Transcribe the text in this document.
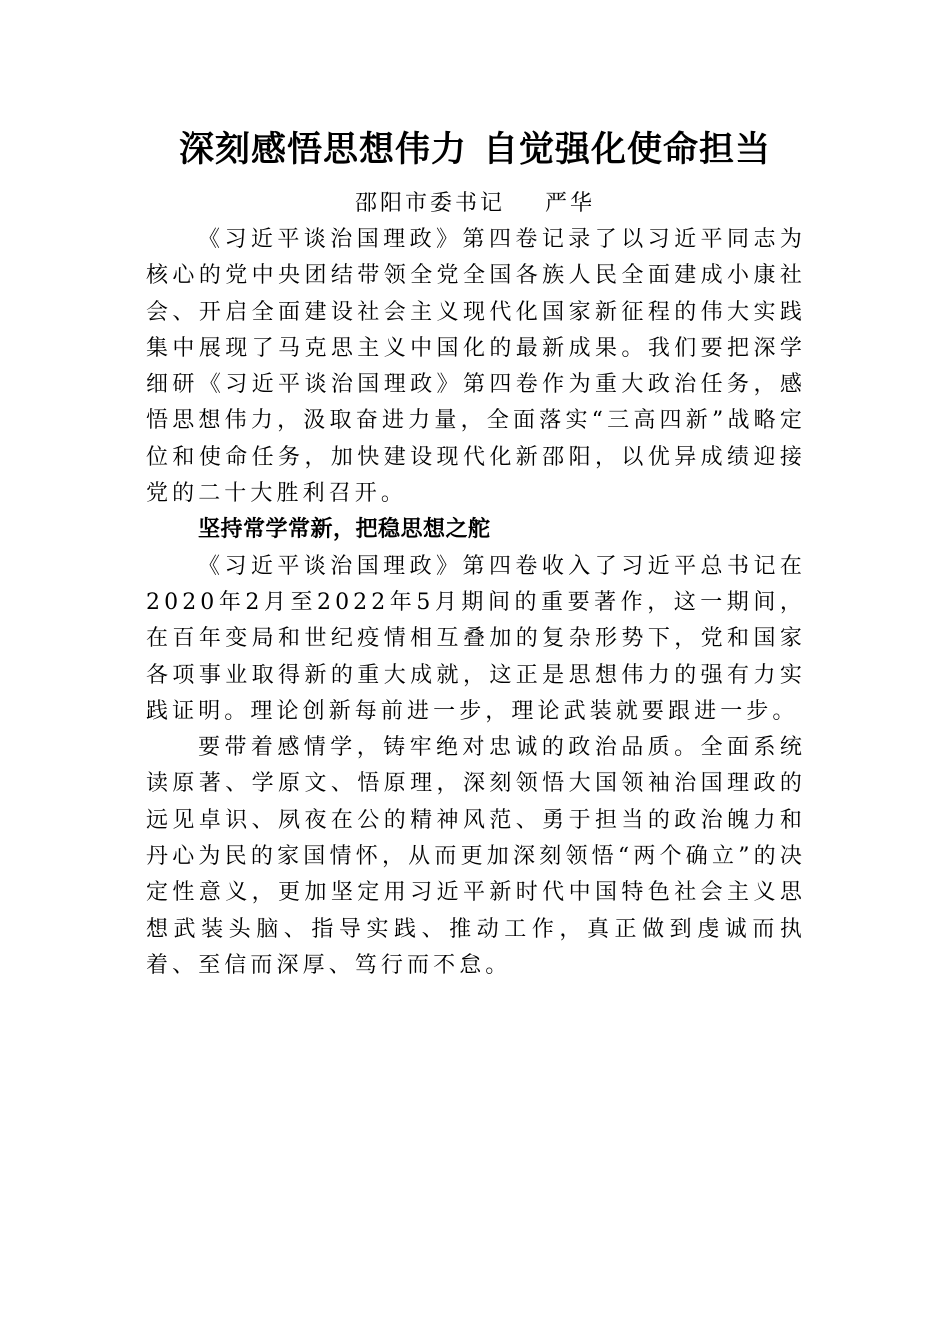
深刻感悟思想伟力 自觉强化使命担当
邵阳市委书记 严华

《习近平谈治国理政》第四卷记录了以习近平同志为核心的党中央团结带领全党全国各族人民全面建成小康社会、开启全面建设社会主义现代化国家新征程的伟大实践集中展现了马克思主义中国化的最新成果。我们要把深学细研《习近平谈治国理政》第四卷作为重大政治任务，感悟思想伟力，汲取奋进力量，全面落实“三高四新”战略定位和使命任务，加快建设现代化新邵阳，以优异成绩迎接党的二十大胜利召开。

坚持常学常新，把稳思想之舵

《习近平谈治国理政》第四卷收入了习近平总书记在2020年2月至2022年5月期间的重要著作，这一期间，在百年变局和世纪疫情相互叠加的复杂形势下，党和国家各项事业取得新的重大成就，这正是思想伟力的强有力实践证明。理论创新每前进一步，理论武装就要跟进一步。

要带着感情学，铸牢绝对忠诚的政治品质。全面系统读原著、学原文、悟原理，深刻领悟大国领袖治国理政的远见卓识、夙夜在公的精神风范、勇于担当的政治魄力和丹心为民的家国情怀，从而更加深刻领悟“两个确立”的决定性意义，更加坚定用习近平新时代中国特色社会主义思想武装头脑、指导实践、推动工作，真正做到虔诚而执着、至信而深厚、笃行而不怠。
